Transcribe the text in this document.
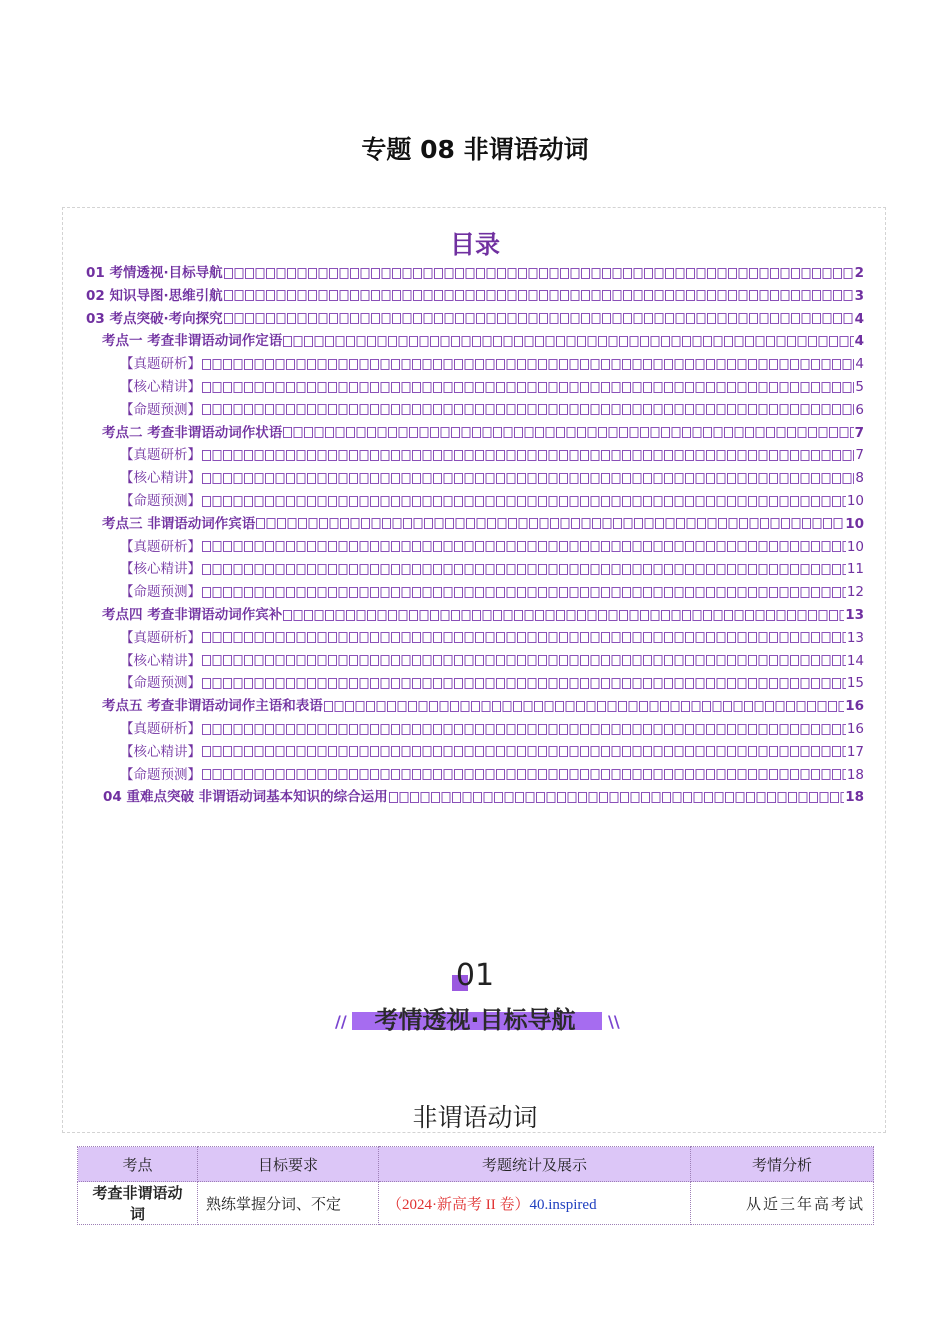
专题 08 非谓语动词
目录
01 考情透视·目标导航	2
02 知识导图·思维引航	3
03 考点突破·考向探究	4
考点一 考查非谓语动词作定语	4
【真题研析】	4
【核心精讲】	5
【命题预测】	6
考点二 考查非谓语动词作状语	7
【真题研析】	7
【核心精讲】	8
【命题预测】	10
考点三 非谓语动词作宾语	10
【真题研析】	10
【核心精讲】	11
【命题预测】	12
考点四 考查非谓语动词作宾补	13
【真题研析】	13
【核心精讲】	14
【命题预测】	15
考点五 考查非谓语动词作主语和表语	16
【真题研析】	16
【核心精讲】	17
【命题预测】	18
04 重难点突破 非谓语动词基本知识的综合运用	18
01
//	\\
考情透视·目标导航
非谓语动词
考点	目标要求	考题统计及展示	考情分析
考查非谓语动词	熟练掌握分词、不定	（2024·新高考 II 卷）40.inspired	从近三年高考试
